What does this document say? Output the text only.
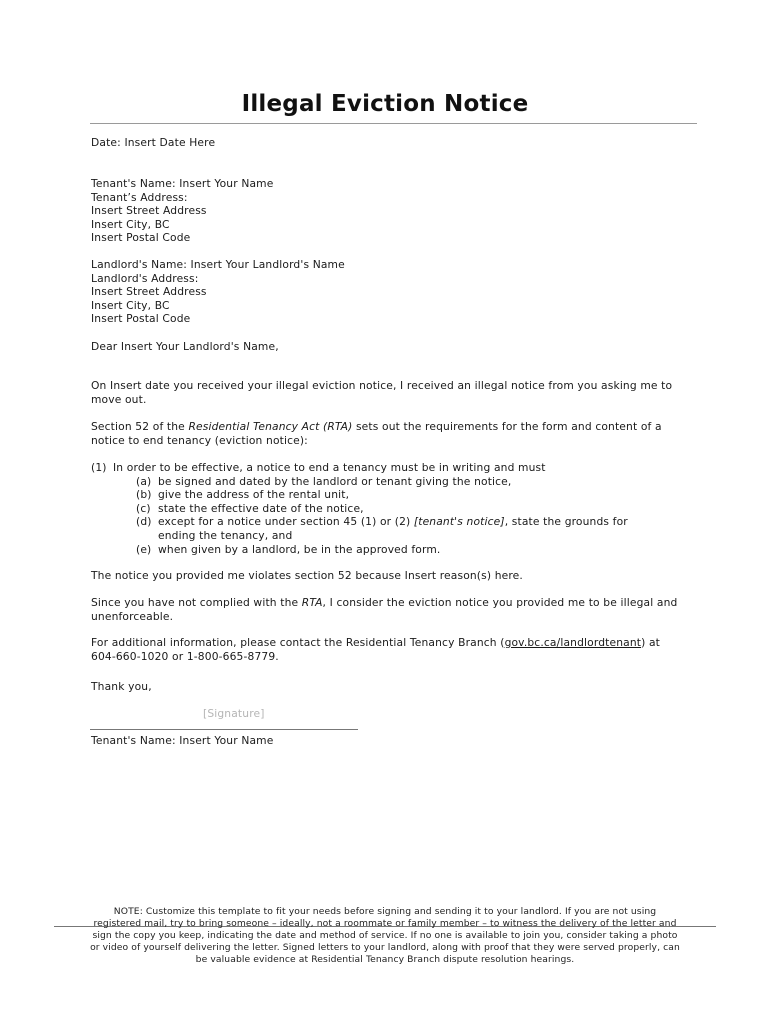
Illegal Eviction Notice
Date: Insert Date Here
Tenant's Name: Insert Your Name
Tenant’s Address:
Insert Street Address
Insert City, BC
Insert Postal Code
Landlord's Name: Insert Your Landlord's Name
Landlord's Address:
Insert Street Address
Insert City, BC
Insert Postal Code
Dear Insert Your Landlord's Name,
On Insert date you received your illegal eviction notice, I received an illegal notice from you asking me to move out.
Section 52 of the Residential Tenancy Act (RTA) sets out the requirements for the form and content of a notice to end tenancy (eviction notice):
(1) In order to be effective, a notice to end a tenancy must be in writing and must
(a) be signed and dated by the landlord or tenant giving the notice,
(b) give the address of the rental unit,
(c) state the effective date of the notice,
(d) except for a notice under section 45 (1) or (2) [tenant's notice], state the grounds for ending the tenancy, and
(e) when given by a landlord, be in the approved form.
The notice you provided me violates section 52 because Insert reason(s) here.
Since you have not complied with the RTA, I consider the eviction notice you provided me to be illegal and unenforceable.
For additional information, please contact the Residential Tenancy Branch (gov.bc.ca/landlordtenant) at 604-660-1020 or 1-800-665-8779.
Thank you,
[Signature]
Tenant's Name: Insert Your Name
NOTE: Customize this template to fit your needs before signing and sending it to your landlord. If you are not using registered mail, try to bring someone – ideally, not a roommate or family member – to witness the delivery of the letter and sign the copy you keep, indicating the date and method of service. If no one is available to join you, consider taking a photo or video of yourself delivering the letter. Signed letters to your landlord, along with proof that they were served properly, can be valuable evidence at Residential Tenancy Branch dispute resolution hearings.
